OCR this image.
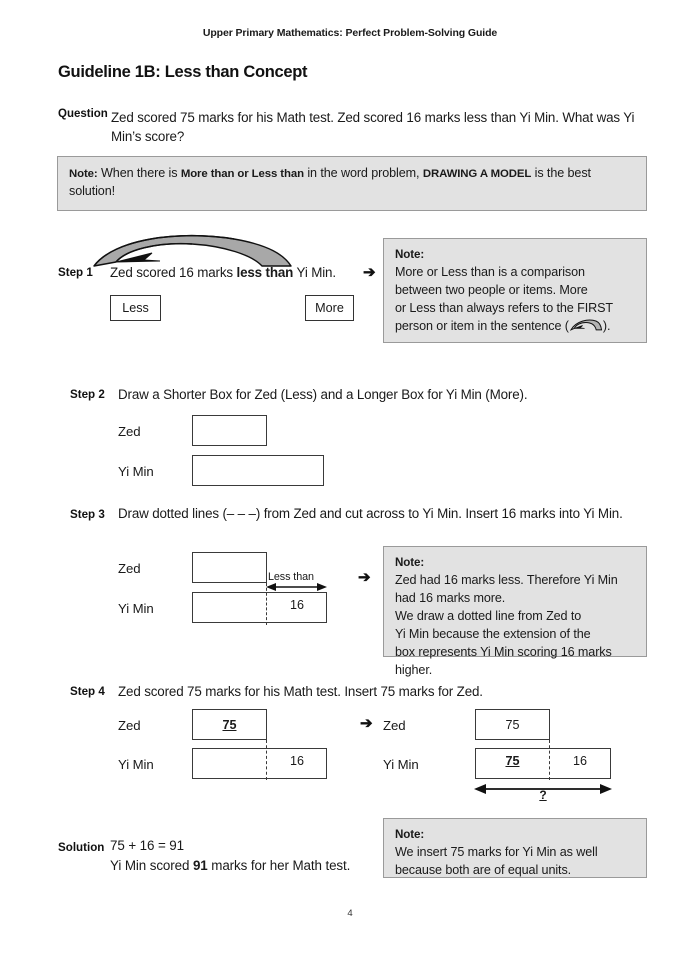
Upper Primary Mathematics: Perfect Problem-Solving Guide
Guideline 1B: Less than Concept
Question Zed scored 75 marks for his Math test. Zed scored 16 marks less than Yi Min. What was Yi Min’s score?
Note: When there is More than or Less than in the word problem, DRAWING A MODEL is the best solution!
Step 1 Zed scored 16 marks less than Yi Min.	➔
Less	More
Note:
More or Less than is a comparison
between two people or items. More
or Less than always refers to the FIRST
person or item in the sentence (	).
Step 2 Draw a Shorter Box for Zed (Less) and a Longer Box for Yi Min (More).
Zed
Yi Min
Step 3 Draw dotted lines (– – –) from Zed and cut across to Yi Min. Insert 16 marks into Yi Min.
Zed
Yi Min	16
Less than	➔
Note:
Zed had 16 marks less. Therefore Yi Min
had 16 marks more.
We draw a dotted line from Zed to
Yi Min because the extension of the
box represents Yi Min scoring 16 marks
higher.
Step 4 Zed scored 75 marks for his Math test. Insert 75 marks for Zed.
Zed	75
Yi Min	16
➔ Zed	75
Yi Min	75	16
?
Solution 75 + 16 = 91
Yi Min scored 91 marks for her Math test.
Note:
We insert 75 marks for Yi Min as well
because both are of equal units.
4
